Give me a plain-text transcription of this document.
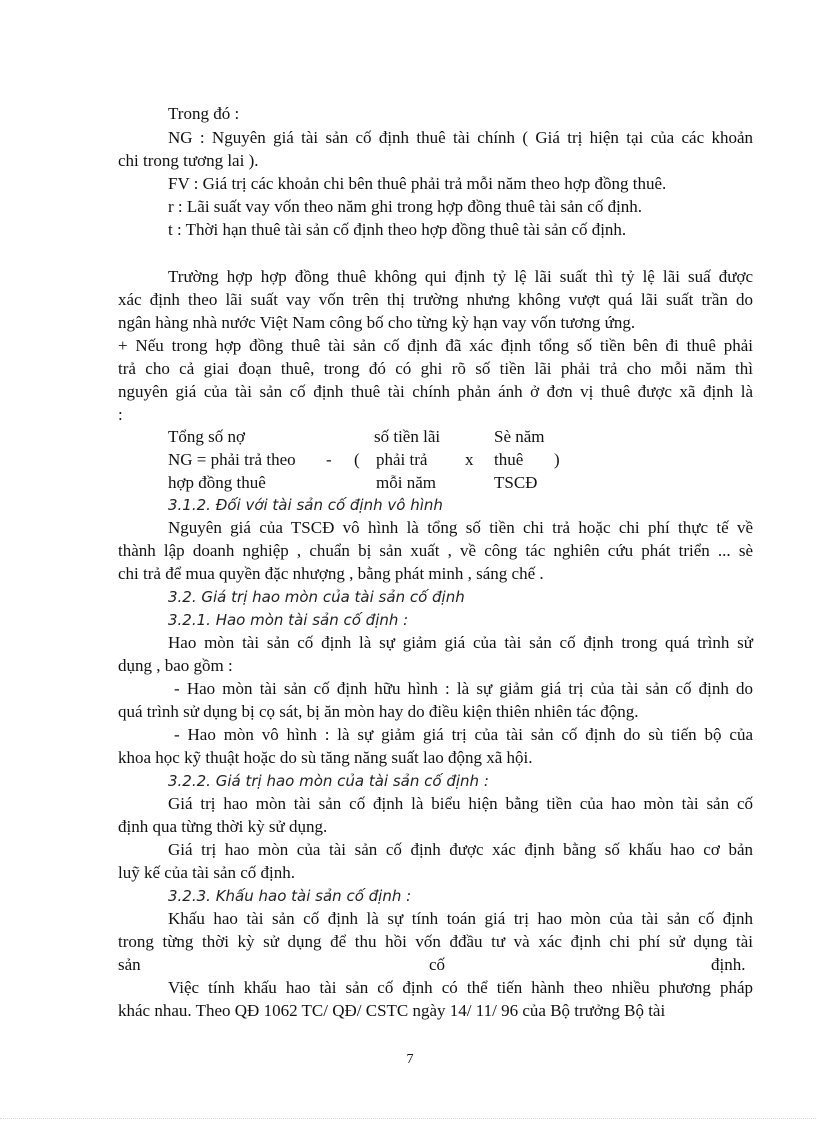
Trong đó :
NG : Nguyên giá tài sản cố định thuê tài chính ( Giá trị hiện tại của các khoản
chi trong tương lai ).
FV : Giá trị các khoản chi bên thuê phải trả mỗi năm theo hợp đồng thuê.
r : Lãi suất vay vốn theo năm ghi trong hợp đồng thuê tài sản cố định.
t : Thời hạn thuê tài sản cố định theo hợp đồng thuê tài sản cố định.
Trường hợp hợp đồng thuê không qui định tỷ lệ lãi suất thì tỷ lệ lãi suấ được
xác định theo lãi suất vay vốn trên thị trường nhưng không vượt quá lãi suất trần do
ngân hàng nhà nước Việt Nam công bố cho từng kỳ hạn vay vốn tương ứng.
+ Nếu trong hợp đồng thuê tài sản cố định đã xác định tổng số tiền bên đi thuê phải
trả cho cả giai đoạn thuê, trong đó có ghi rõ số tiền lãi phải trả cho mỗi năm thì
nguyên giá của tài sản cố định thuê tài chính phản ánh ở đơn vị thuê được xã định là
:
Tổng số nợ	số tiền lãi	Sè năm
NG = phải trả theo - ( phải trả x thuê )
hợp đồng thuê	mỗi năm	TSCĐ
3.1.2. Đối với tài sản cố định vô hình
Nguyên giá của TSCĐ vô hình là tổng số tiền chi trả hoặc chi phí thực tế về
thành lập doanh nghiệp , chuẩn bị sản xuất , về công tác nghiên cứu phát triển ... sè
chi trả để mua quyền đặc nhượng , bằng phát minh , sáng chế .
3.2. Giá trị hao mòn của tài sản cố định
3.2.1. Hao mòn tài sản cố định :
Hao mòn tài sản cố định là sự giảm giá của tài sản cố định trong quá trình sử
dụng , bao gồm :
- Hao mòn tài sản cố định hữu hình : là sự giảm giá trị của tài sản cố định do
quá trình sử dụng bị cọ sát, bị ăn mòn hay do điều kiện thiên nhiên tác động.
- Hao mòn vô hình : là sự giảm giá trị của tài sản cố định do sù tiến bộ của
khoa học kỹ thuật hoặc do sù tăng năng suất lao động xã hội.
3.2.2. Giá trị hao mòn của tài sản cố định :
Giá trị hao mòn tài sản cố định là biểu hiện bằng tiền của hao mòn tài sản cố
định qua từng thời kỳ sử dụng.
Giá trị hao mòn của tài sản cố định được xác định bằng số khấu hao cơ bản
luỹ kế của tài sản cố định.
3.2.3. Khấu hao tài sản cố định :
Khấu hao tài sản cố định là sự tính toán giá trị hao mòn của tài sản cố định
trong từng thời kỳ sử dụng để thu hồi vốn đđầu tư và xác định chi phí sử dụng tài
sản	cố	định.
Việc tính khấu hao tài sản cố định có thể tiến hành theo nhiều phương pháp
khác nhau. Theo QĐ 1062 TC/ QĐ/ CSTC ngày 14/ 11/ 96 của Bộ trưởng Bộ tài
7
